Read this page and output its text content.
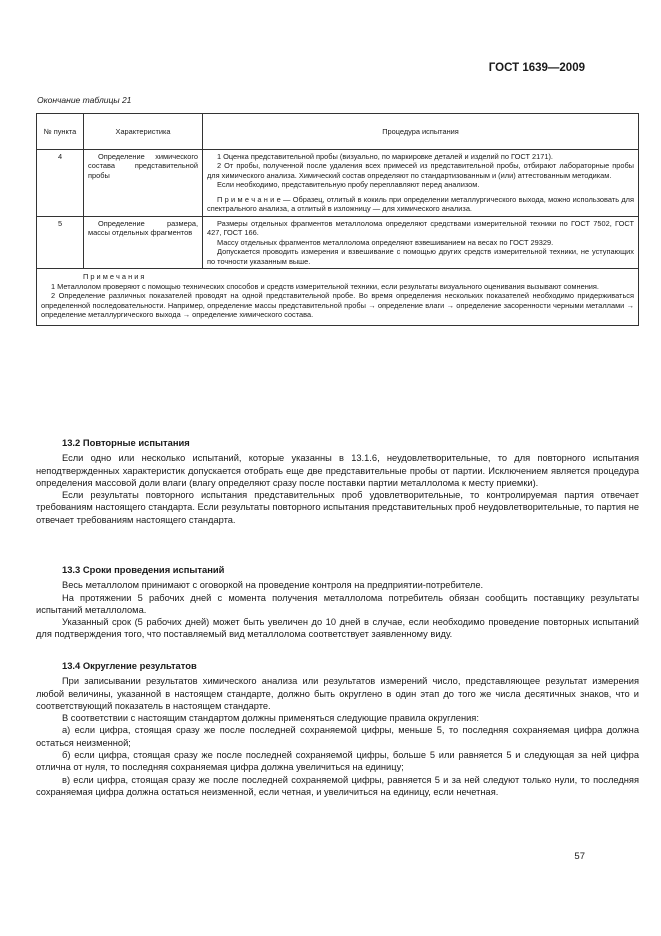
ГОСТ 1639—2009
Окончание таблицы 21
№ пункта	Характеристика	Процедура испытания
4	Определение химического состава представительной пробы	1 Оценка представительной пробы (визуально, по маркировке деталей и изделий по ГОСТ 2171).

2 От пробы, полученной после удаления всех примесей из представительной пробы, отбирают лабораторные пробы для химического анализа. Химический состав определяют по стандартизованным и (или) аттестованным методикам.

Если необходимо, представительную пробу переплавляют перед анализом.

П р и м е ч а н и е — Образец, отлитый в кокиль при определении металлургического выхода, можно использовать для спектрального анализа, а отлитый в изложницу — для химического анализа.

5	Определение размера, массы отдельных фрагментов	Размеры отдельных фрагментов металлолома определяют средствами измерительной техники по ГОСТ 7502, ГОСТ 427, ГОСТ 166.

Массу отдельных фрагментов металлолома определяют взвешиванием на весах по ГОСТ 29329.

Допускается проводить измерения и взвешивание с помощью других средств измерительной техники, не уступающих по точности указанным выше.

П р и м е ч а н и я

1 Металлолом проверяют с помощью технических способов и средств измерительной техники, если результаты визуального оценивания вызывают сомнения.

2 Определение различных показателей проводят на одной представительной пробе. Во время определения нескольких показателей необходимо придерживаться определенной последовательности. Например, определение массы представительной пробы → определение влаги → определение засоренности черными металлами → определение металлургического выхода → определение химического состава.		

13.2 Повторные испытания

Если одно или несколько испытаний, которые указанны в 13.1.6, неудовлетворительные, то для повторного испытания неподтвержденных характеристик допускается отобрать еще две представительные пробы от партии. Исключением является процедура определения массовой доли влаги (влагу определяют сразу после поставки партии металлолома к месту приемки).

Если результаты повторного испытания представительных проб удовлетворительные, то контролируемая партия отвечает требованиям настоящего стандарта. Если результаты повторного испытания представительных проб неудовлетворительные, то партия не отвечает требованиям настоящего стандарта.

13.3 Сроки проведения испытаний

Весь металлолом принимают с оговоркой на проведение контроля на предприятии-потребителе.

На протяжении 5 рабочих дней с момента получения металлолома потребитель обязан сообщить поставщику результаты испытаний металлолома.

Указанный срок (5 рабочих дней) может быть увеличен до 10 дней в случае, если необходимо проведение повторных испытаний для подтверждения того, что поставляемый вид металлолома соответствует заявленному виду.

13.4 Округление результатов

При записывании результатов химического анализа или результатов измерений число, представляющее результат измерения любой величины, указанной в настоящем стандарте, должно быть округлено в один этап до того же числа десятичных знаков, что и соответствующий показатель в настоящем стандарте.

В соответствии с настоящим стандартом должны применяться следующие правила округления:

а) если цифра, стоящая сразу же после последней сохраняемой цифры, меньше 5, то последняя сохраняемая цифра должна остаться неизменной;

б) если цифра, стоящая сразу же после последней сохраняемой цифры, больше 5 или равняется 5 и следующая за ней цифра отлична от нуля, то последняя сохраняемая цифра должна увеличиться на единицу;

в) если цифра, стоящая сразу же после последней сохраняемой цифры, равняется 5 и за ней следуют только нули, то последняя сохраняемая цифра должна остаться неизменной, если четная, и увеличиться на единицу, если нечетная.

57
